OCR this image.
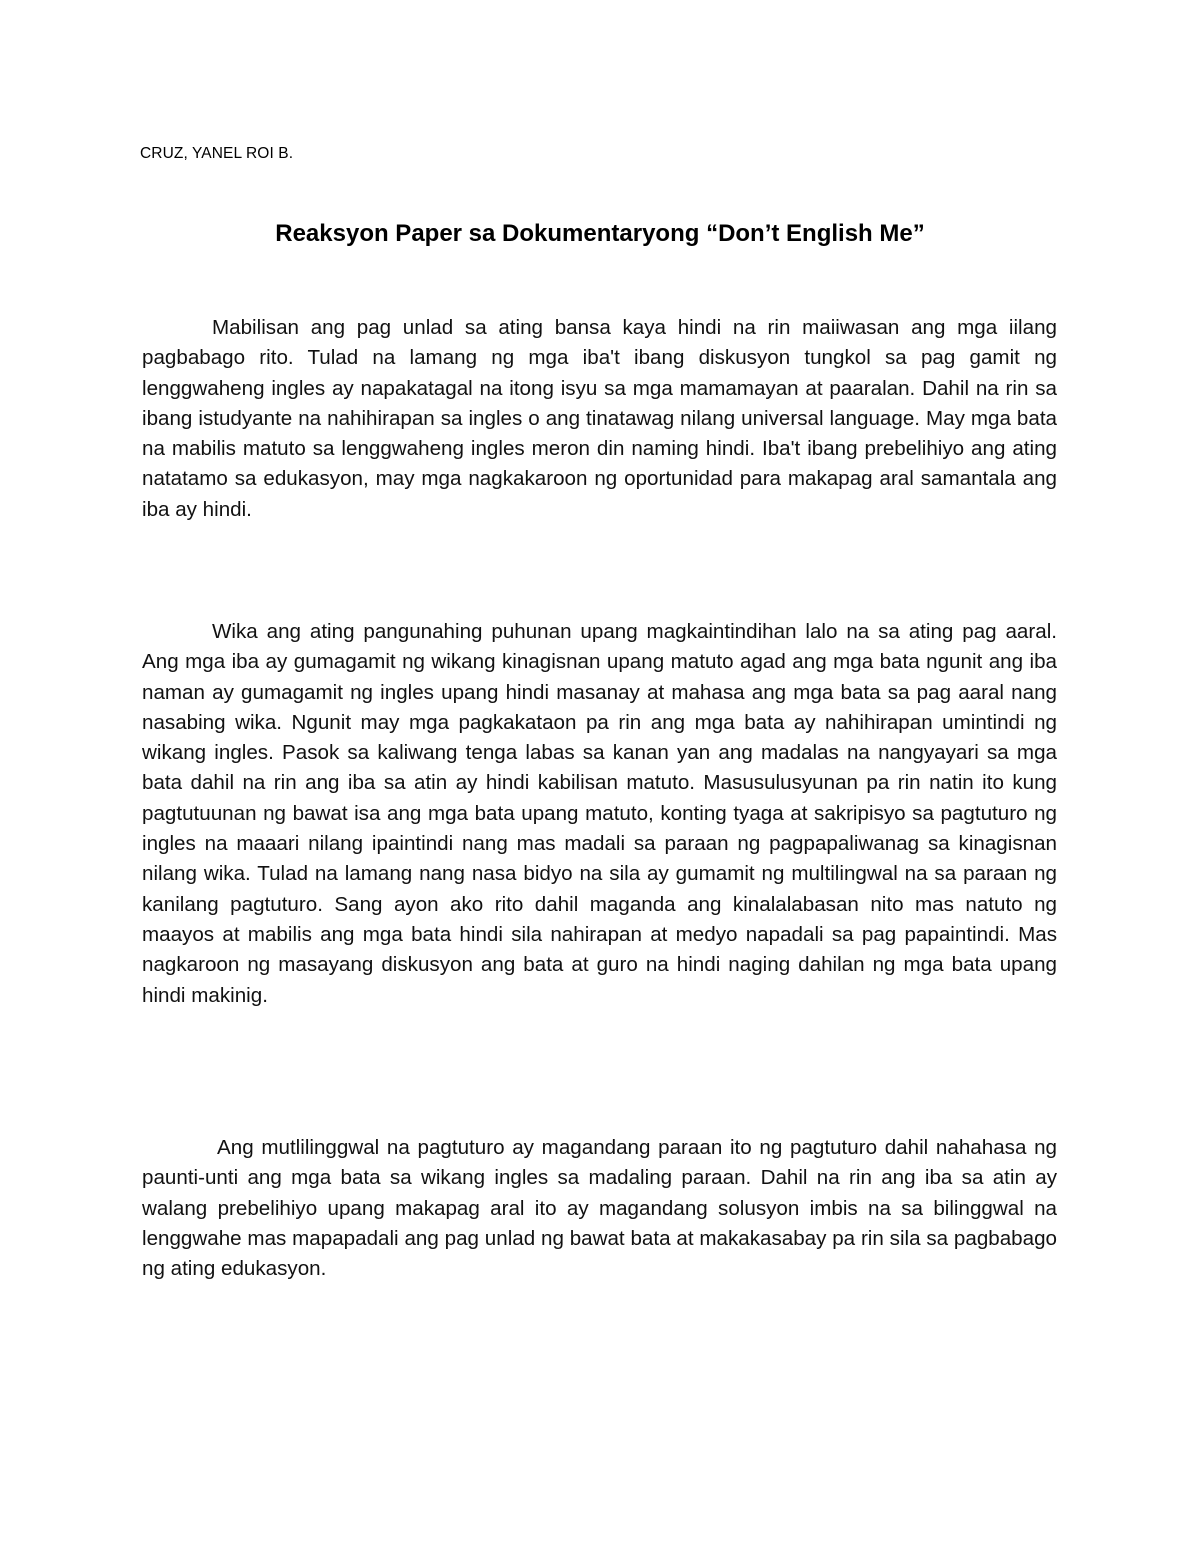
CRUZ, YANEL ROI B.
Reaksyon Paper sa Dokumentaryong “Don’t English Me”

Mabilisan ang pag unlad sa ating bansa kaya hindi na rin maiiwasan ang mga iilang pagbabago rito. Tulad na lamang ng mga iba't ibang diskusyon tungkol sa pag gamit ng lenggwaheng ingles ay napakatagal na itong isyu sa mga mamamayan at paaralan. Dahil na rin sa ibang istudyante na nahihirapan sa ingles o ang tinatawag nilang universal language. May mga bata na mabilis matuto sa lenggwaheng ingles meron din naming hindi. Iba't ibang prebelihiyo ang ating natatamo sa edukasyon, may mga nagkakaroon ng oportunidad para makapag aral samantala ang iba ay hindi.

Wika ang ating pangunahing puhunan upang magkaintindihan lalo na sa ating pag aaral. Ang mga iba ay gumagamit ng wikang kinagisnan upang matuto agad ang mga bata ngunit ang iba naman ay gumagamit ng ingles upang hindi masanay at mahasa ang mga bata sa pag aaral nang nasabing wika. Ngunit may mga pagkakataon pa rin ang mga bata ay nahihirapan umintindi ng wikang ingles. Pasok sa kaliwang tenga labas sa kanan yan ang madalas na nangyayari sa mga bata dahil na rin ang iba sa atin ay hindi kabilisan matuto. Masusulusyunan pa rin natin ito kung pagtutuunan ng bawat isa ang mga bata upang matuto, konting tyaga at sakripisyo sa pagtuturo ng ingles na maaari nilang ipaintindi nang mas madali sa paraan ng pagpapaliwanag sa kinagisnan nilang wika. Tulad na lamang nang nasa bidyo na sila ay gumamit ng multilingwal na sa paraan ng kanilang pagtuturo. Sang ayon ako rito dahil maganda ang kinalalabasan nito mas natuto ng maayos at mabilis ang mga bata hindi sila nahirapan at medyo napadali sa pag papaintindi. Mas nagkaroon ng masayang diskusyon ang bata at guro na hindi naging dahilan ng mga bata upang hindi makinig.

Ang mutlilinggwal na pagtuturo ay magandang paraan ito ng pagtuturo dahil nahahasa ng paunti-unti ang mga bata sa wikang ingles sa madaling paraan. Dahil na rin ang iba sa atin ay walang prebelihiyo upang makapag aral ito ay magandang solusyon imbis na sa bilinggwal na lenggwahe mas mapapadali ang pag unlad ng bawat bata at makakasabay pa rin sila sa pagbabago ng ating edukasyon.
